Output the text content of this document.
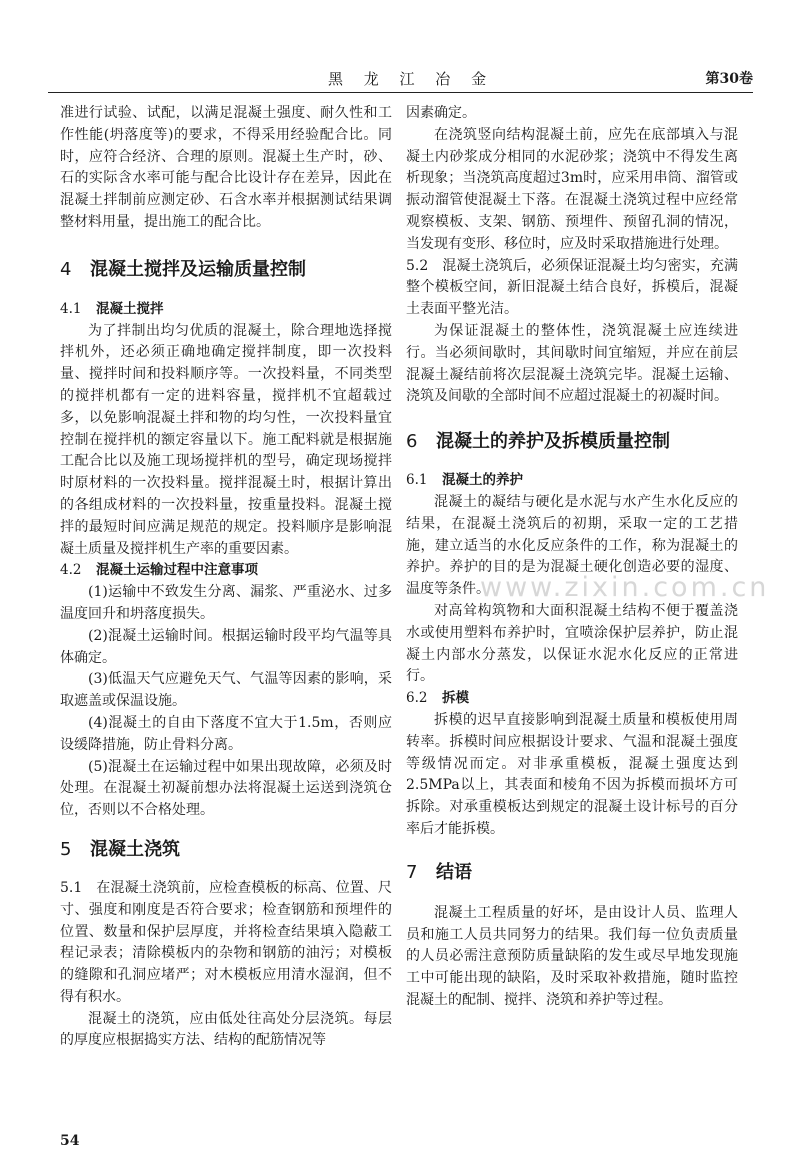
黑 龙 江 冶 金	第30卷
www.zixin.com.cn

准进行试验、试配，以满足混凝土强度、耐久性和工作性能(坍落度等)的要求，不得采用经验配合比。同时，应符合经济、合理的原则。混凝土生产时，砂、石的实际含水率可能与配合比设计存在差异，因此在混凝土拌制前应测定砂、石含水率并根据测试结果调整材料用量，提出施工的配合比。

4 混凝土搅拌及运输质量控制
4.1 混凝土搅拌

为了拌制出均匀优质的混凝土，除合理地选择搅拌机外，还必须正确地确定搅拌制度，即一次投料量、搅拌时间和投料顺序等。一次投料量，不同类型的搅拌机都有一定的进料容量，搅拌机不宜超载过多，以免影响混凝土拌和物的均匀性，一次投料量宜控制在搅拌机的额定容量以下。施工配料就是根据施工配合比以及施工现场搅拌机的型号，确定现场搅拌时原材料的一次投料量。搅拌混凝土时，根据计算出的各组成材料的一次投料量，按重量投料。混凝土搅拌的最短时间应满足规范的规定。投料顺序是影响混凝土质量及搅拌机生产率的重要因素。

4.2 混凝土运输过程中注意事项

(1)运输中不致发生分离、漏浆、严重泌水、过多温度回升和坍落度损失。

(2)混凝土运输时间。根据运输时段平均气温等具体确定。

(3)低温天气应避免天气、气温等因素的影响，采取遮盖或保温设施。

(4)混凝土的自由下落度不宜大于1.5m，否则应设缓降措施，防止骨料分离。

(5)混凝土在运输过程中如果出现故障，必须及时处理。在混凝土初凝前想办法将混凝土运送到浇筑仓位，否则以不合格处理。

5 混凝土浇筑

5.1　在混凝土浇筑前，应检查模板的标高、位置、尺寸、强度和刚度是否符合要求；检查钢筋和预埋件的位置、数量和保护层厚度，并将检查结果填入隐蔽工程记录表；清除模板内的杂物和钢筋的油污；对模板的缝隙和孔洞应堵严；对木模板应用清水湿润，但不得有积水。

混凝土的浇筑，应由低处往高处分层浇筑。每层的厚度应根据捣实方法、结构的配筋情况等

因素确定。

在浇筑竖向结构混凝土前，应先在底部填入与混凝土内砂浆成分相同的水泥砂浆；浇筑中不得发生离析现象；当浇筑高度超过3m时，应采用串筒、溜管或振动溜管使混凝土下落。在混凝土浇筑过程中应经常观察模板、支架、钢筋、预埋件、预留孔洞的情况，当发现有变形、移位时，应及时采取措施进行处理。

5.2　混凝土浇筑后，必须保证混凝土均匀密实，充满整个模板空间，新旧混凝土结合良好，拆模后，混凝土表面平整光洁。

为保证混凝土的整体性，浇筑混凝土应连续进行。当必须间歇时，其间歇时间宜缩短，并应在前层混凝土凝结前将次层混凝土浇筑完毕。混凝土运输、浇筑及间歇的全部时间不应超过混凝土的初凝时间。

6 混凝土的养护及拆模质量控制
6.1 混凝土的养护

混凝土的凝结与硬化是水泥与水产生水化反应的结果，在混凝土浇筑后的初期，采取一定的工艺措施，建立适当的水化反应条件的工作，称为混凝土的养护。养护的目的是为混凝土硬化创造必要的湿度、温度等条件。

对高耸构筑物和大面积混凝土结构不便于覆盖浇水或使用塑料布养护时，宜喷涂保护层养护，防止混凝土内部水分蒸发，以保证水泥水化反应的正常进行。

6.2 拆模

拆模的迟早直接影响到混凝土质量和模板使用周转率。拆模时间应根据设计要求、气温和混凝土强度等级情况而定。对非承重模板，混凝土强度达到2.5MPa以上，其表面和棱角不因为拆模而损坏方可拆除。对承重模板达到规定的混凝土设计标号的百分率后才能拆模。

7 结语

混凝土工程质量的好坏，是由设计人员、监理人员和施工人员共同努力的结果。我们每一位负责质量的人员必需注意预防质量缺陷的发生或尽早地发现施工中可能出现的缺陷，及时采取补救措施，随时监控混凝土的配制、搅拌、浇筑和养护等过程。

54
